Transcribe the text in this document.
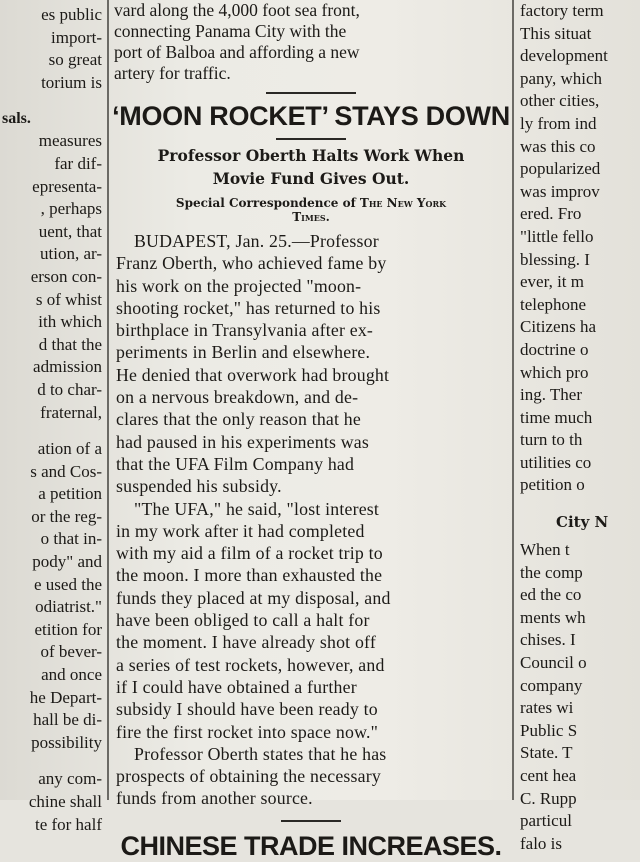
es public
import-
so great
torium is
sals.
measures
far dif-
epresenta-
, perhaps
uent, that
ution, ar-
erson con-
s of whist
ith which
d that the
admission
d to char-
fraternal,
ation of a
s and Cos-
a petition
or the reg-
o that in-
pody" and
e used the
odiatrist."
etition for
of bever-
and once
he Depart-
hall be di-
possibility
any com-
chine shall
te for half
vard along the 4,000 foot sea front,
connecting Panama City with the
port of Balboa and affording a new
artery for traffic.
‘MOON ROCKET’ STAYS DOWN
Professor Oberth Halts Work When
Movie Fund Gives Out.
Special Correspondence of The New York
Times.
BUDAPEST, Jan. 25.—Professor
Franz Oberth, who achieved fame by
his work on the projected "moon-
shooting rocket," has returned to his
birthplace in Transylvania after ex-
periments in Berlin and elsewhere.
He denied that overwork had brought
on a nervous breakdown, and de-
clares that the only reason that he
had paused in his experiments was
that the UFA Film Company had
suspended his subsidy.
"The UFA," he said, "lost interest
in my work after it had completed
with my aid a film of a rocket trip to
the moon. I more than exhausted the
funds they placed at my disposal, and
have been obliged to call a halt for
the moment. I have already shot off
a series of test rockets, however, and
if I could have obtained a further
subsidy I should have been ready to
fire the first rocket into space now."
Professor Oberth states that he has
prospects of obtaining the necessary
funds from another source.
CHINESE TRADE INCREASES.
factory term
This situat
development
pany, which
other cities,
ly from ind
was this co
popularized
was improv
ered. Fro
"little fello
blessing. I
ever, it m
telephone
Citizens ha
doctrine o
which pro
ing. Ther
time much
turn to th
utilities co
petition o
City N
When t
the comp
ed the co
ments wh
chises. I
Council o
company
rates wi
Public S
State. T
cent hea
C. Rupp
particul
falo is
